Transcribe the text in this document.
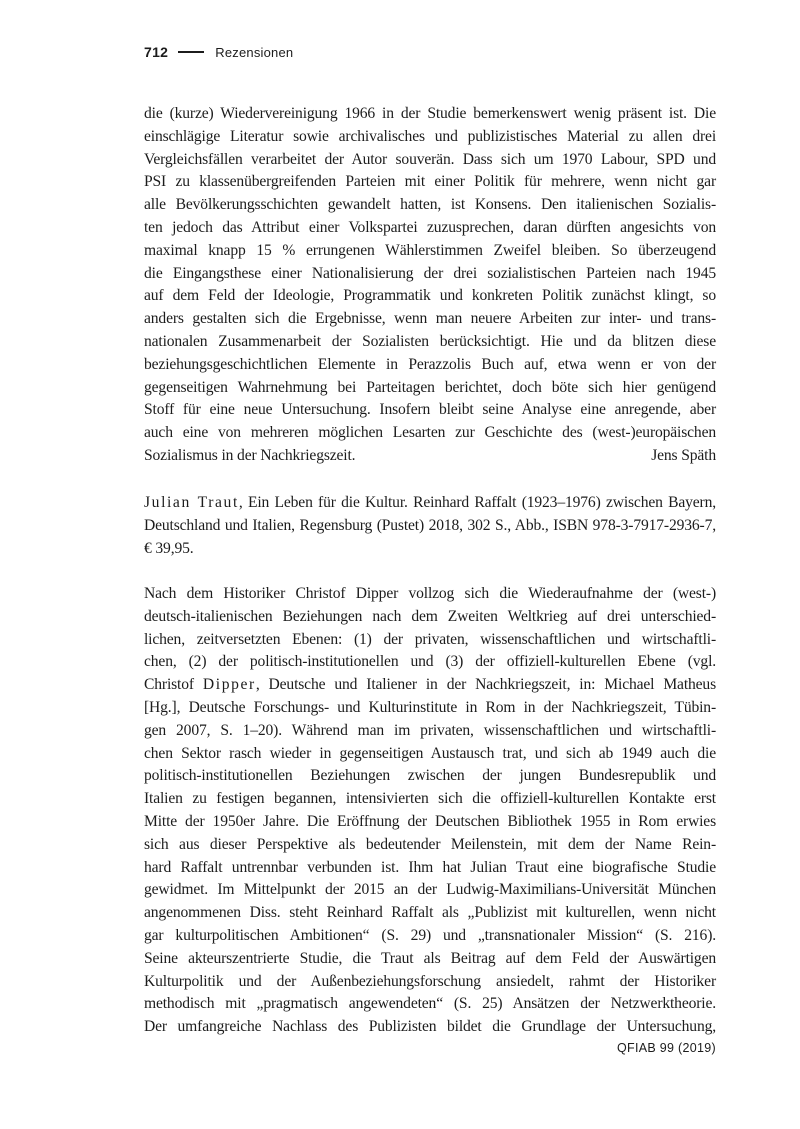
712	Rezensionen
die (kurze) Wiedervereinigung 1966 in der Studie bemerkenswert wenig präsent ist. Die
einschlägige Literatur sowie archivalisches und publizistisches Material zu allen drei
Vergleichsfällen verarbeitet der Autor souverän. Dass sich um 1970 Labour, SPD und
PSI zu klassenübergreifenden Parteien mit einer Politik für mehrere, wenn nicht gar
alle Bevölkerungsschichten gewandelt hatten, ist Konsens. Den italienischen Sozialis-
ten jedoch das Attribut einer Volkspartei zuzusprechen, daran dürften angesichts von
maximal knapp 15 % errungenen Wählerstimmen Zweifel bleiben. So überzeugend
die Eingangsthese einer Nationalisierung der drei sozialistischen Parteien nach 1945
auf dem Feld der Ideologie, Programmatik und konkreten Politik zunächst klingt, so
anders gestalten sich die Ergebnisse, wenn man neuere Arbeiten zur inter- und trans-
nationalen Zusammenarbeit der Sozialisten berücksichtigt. Hie und da blitzen diese
beziehungsgeschichtlichen Elemente in Perazzolis Buch auf, etwa wenn er von der
gegenseitigen Wahrnehmung bei Parteitagen berichtet, doch böte sich hier genügend
Stoff für eine neue Untersuchung. Insofern bleibt seine Analyse eine anregende, aber
auch eine von mehreren möglichen Lesarten zur Geschichte des (west-)europäischen
Sozialismus in der Nachkriegszeit.	Jens Späth
Julian Traut, Ein Leben für die Kultur. Reinhard Raffalt (1923–1976) zwischen Bayern,
Deutschland und Italien, Regensburg (Pustet) 2018, 302 S., Abb., ISBN 978-3-7917-2936-7,
€ 39,95.
Nach dem Historiker Christof Dipper vollzog sich die Wiederaufnahme der (west-)
deutsch-italienischen Beziehungen nach dem Zweiten Weltkrieg auf drei unterschied-
lichen, zeitversetzten Ebenen: (1) der privaten, wissenschaftlichen und wirtschaftli-
chen, (2) der politisch-institutionellen und (3) der offiziell-kulturellen Ebene (vgl.
Christof Dipper, Deutsche und Italiener in der Nachkriegszeit, in: Michael Matheus
[Hg.], Deutsche Forschungs- und Kulturinstitute in Rom in der Nachkriegszeit, Tübin-
gen 2007, S. 1–20). Während man im privaten, wissenschaftlichen und wirtschaftli-
chen Sektor rasch wieder in gegenseitigen Austausch trat, und sich ab 1949 auch die
politisch-institutionellen Beziehungen zwischen der jungen Bundesrepublik und
Italien zu festigen begannen, intensivierten sich die offiziell-kulturellen Kontakte erst
Mitte der 1950er Jahre. Die Eröffnung der Deutschen Bibliothek 1955 in Rom erwies
sich aus dieser Perspektive als bedeutender Meilenstein, mit dem der Name Rein-
hard Raffalt untrennbar verbunden ist. Ihm hat Julian Traut eine biografische Studie
gewidmet. Im Mittelpunkt der 2015 an der Ludwig-Maximilians-Universität München
angenommenen Diss. steht Reinhard Raffalt als „Publizist mit kulturellen, wenn nicht
gar kulturpolitischen Ambitionen“ (S. 29) und „transnationaler Mission“ (S. 216).
Seine akteurszentrierte Studie, die Traut als Beitrag auf dem Feld der Auswärtigen
Kulturpolitik und der Außenbeziehungsforschung ansiedelt, rahmt der Historiker
methodisch mit „pragmatisch angewendeten“ (S. 25) Ansätzen der Netzwerktheorie.
Der umfangreiche Nachlass des Publizisten bildet die Grundlage der Untersuchung,
QFIAB 99 (2019)
